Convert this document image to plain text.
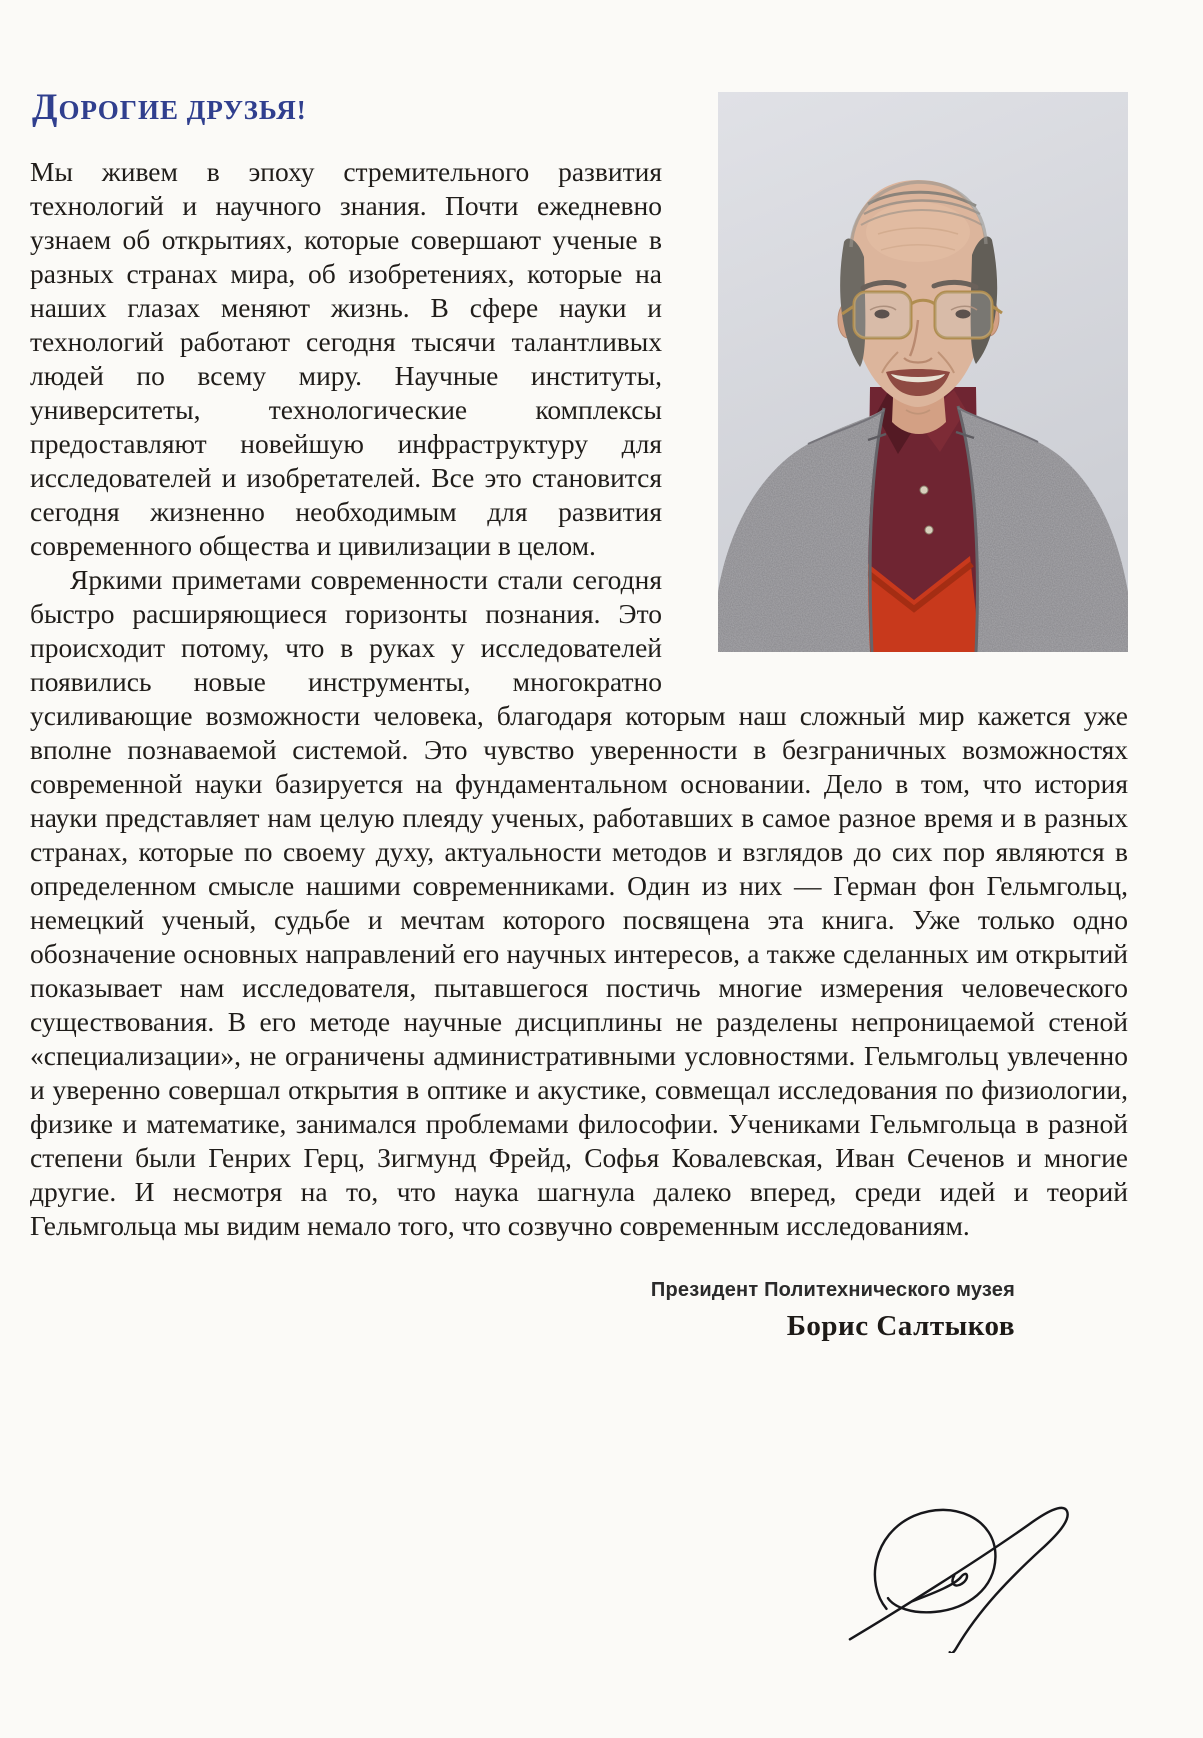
ДОРОГИЕ ДРУЗЬЯ!

Мы живем в эпоху стремительного развития технологий и научного знания. Почти ежедневно узнаем об открытиях, которые совершают ученые в разных странах мира, об изобретениях, которые на наших глазах меняют жизнь. В сфере науки и технологий работают сегодня тысячи талантливых людей по всему миру. Научные институты, университеты, технологические комплексы предоставляют новейшую инфраструктуру для исследователей и изобретателей. Все это становится сегодня жизненно необходимым для развития современного общества и цивилизации в целом.

Яркими приметами современности стали сегодня быстро расширяющиеся горизонты познания. Это происходит потому, что в руках у исследователей появились новые инструменты, многократно усиливающие возможности человека, благодаря которым наш сложный мир кажется уже вполне познаваемой системой. Это чувство уверенности в безграничных возможностях современной науки базируется на фундаментальном основании. Дело в том, что история науки представляет нам целую плеяду ученых, работавших в самое разное время и в разных странах, которые по своему духу, актуальности методов и взглядов до сих пор являются в определенном смысле нашими современниками. Один из них — Герман фон Гельмгольц, немецкий ученый, судьбе и мечтам которого посвящена эта книга. Уже только одно обозначение основных направлений его научных интересов, а также сделанных им открытий показывает нам исследователя, пытавшегося постичь многие измерения человеческого существования. В его методе научные дисциплины не разделены непроницаемой стеной «специализации», не ограничены административными условностями. Гельмгольц увлеченно и уверенно совершал открытия в оптике и акустике, совмещал исследования по физиологии, физике и математике, занимался проблемами философии. Учениками Гельмгольца в разной степени были Генрих Герц, Зигмунд Фрейд, Софья Ковалевская, Иван Сеченов и многие другие. И несмотря на то, что наука шагнула далеко вперед, среди идей и теорий Гельмгольца мы видим немало того, что созвучно современным исследованиям.

Президент Политехнического музея
Борис Салтыков
